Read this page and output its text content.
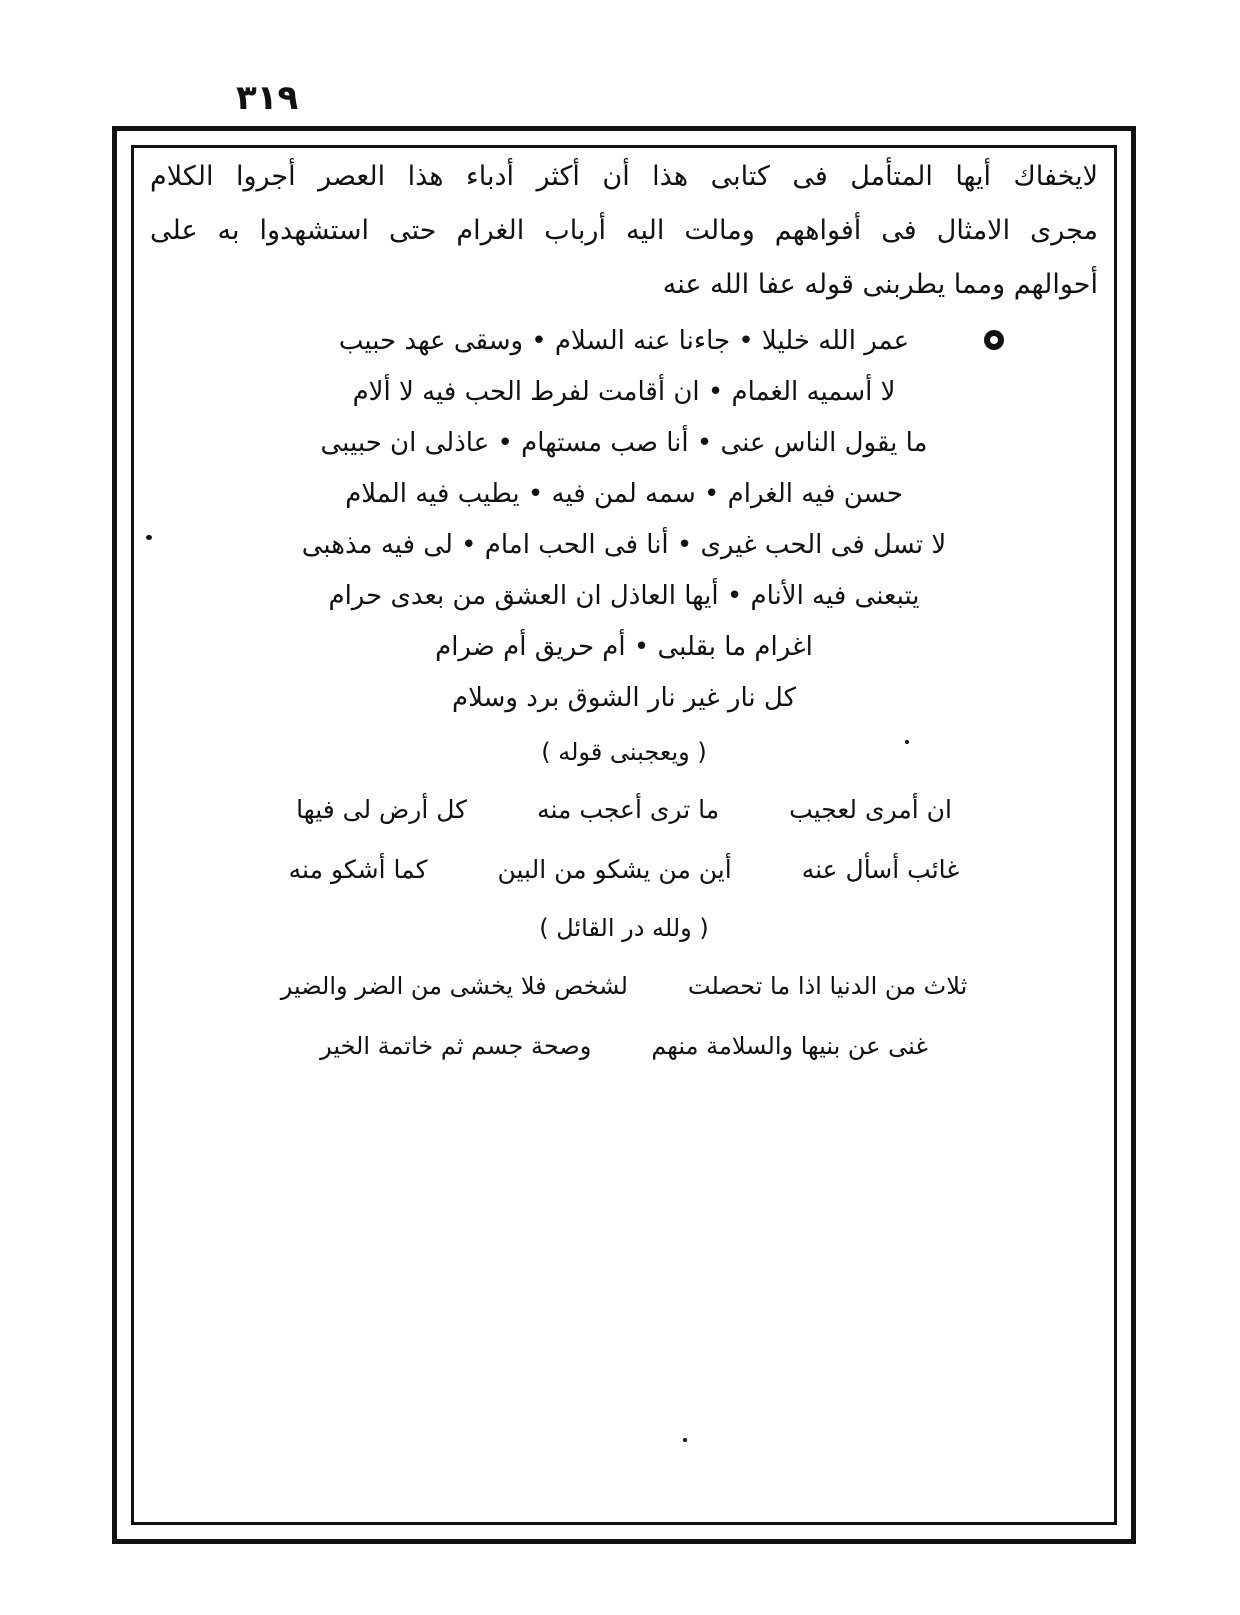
٣١٩
لايخفاك أيها المتأمل فى كتابى هذا أن أكثر أدباء هذا العصر أجروا الكلام
مجرى الامثال فى أفواههم ومالت اليه أرباب الغرام حتى استشهدوا به على
أحوالهم ومما يطربنى قوله عفا الله عنه
عمر الله خليلا • جاءنا عنه السلام • وسقى عهد حبيب
لا أسميه الغمام • ان أقامت لفرط الحب فيه لا ألام
ما يقول الناس عنى • أنا صب مستهام • عاذلى ان حبيبى
حسن فيه الغرام • سمه لمن فيه • يطيب فيه الملام
لا تسل فى الحب غيرى • أنا فى الحب امام • لى فيه مذهبى
يتبعنى فيه الأنام • أيها العاذل ان العشق من بعدى حرام
اغرام ما بقلبى • أم حريق أم ضرام
كل نار غير نار الشوق برد وسلام
( ويعجبنى قوله )
ان أمرى لعجيب
ما ترى أعجب منه
كل أرض لى فيها
غائب أسأل عنه
أين من يشكو من البين
كما أشكو منه
( ولله در القائل )
ثلاث من الدنيا اذا ما تحصلت
لشخص فلا يخشى من الضر والضير
غنى عن بنيها والسلامة منهم
وصحة جسم ثم خاتمة الخير
